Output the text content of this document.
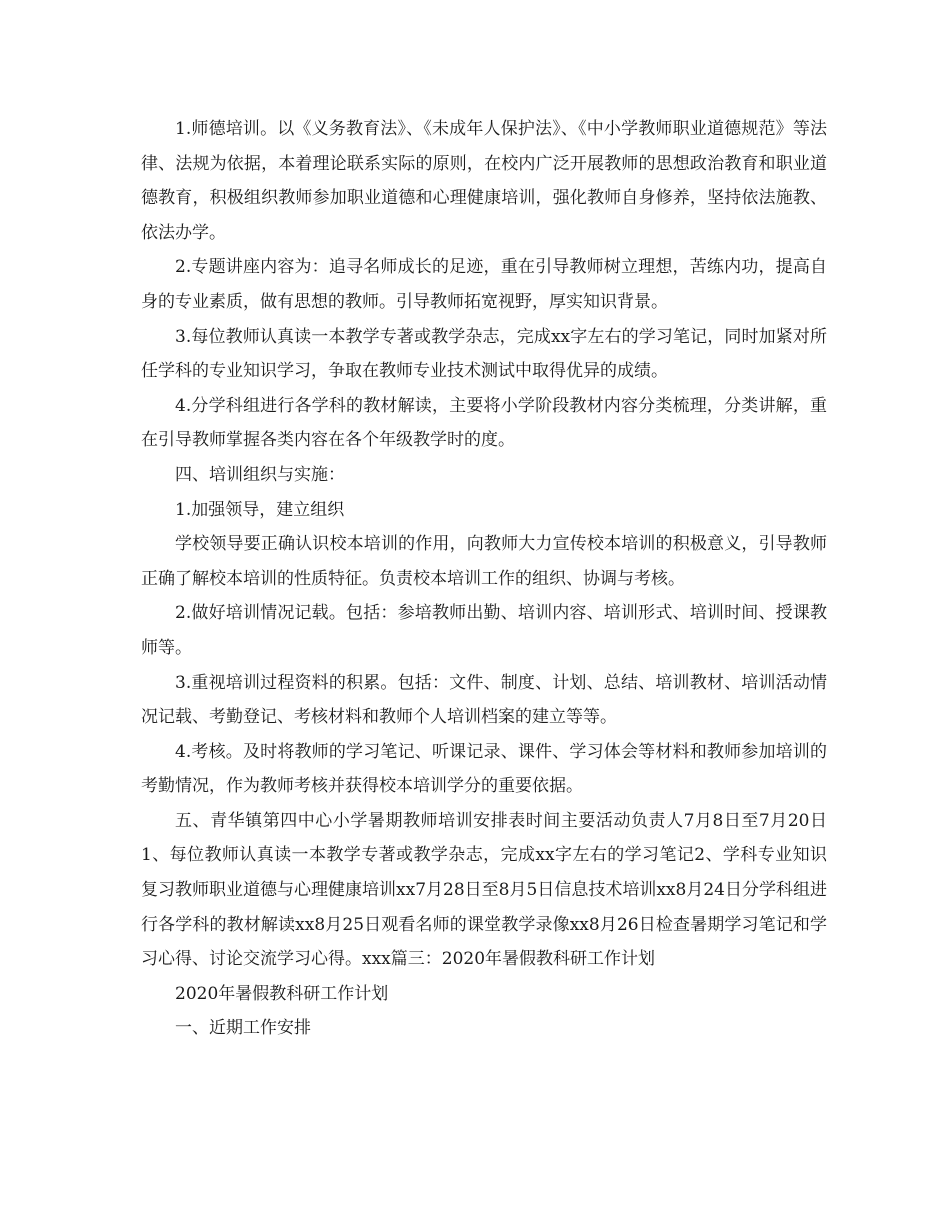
1.师德培训。以《义务教育法》、《未成年人保护法》、《中小学教师职业道德规范》等法律、法规为依据，本着理论联系实际的原则，在校内广泛开展教师的思想政治教育和职业道德教育，积极组织教师参加职业道德和心理健康培训，强化教师自身修养，坚持依法施教、依法办学。

2.专题讲座内容为：追寻名师成长的足迹，重在引导教师树立理想，苦练内功，提高自身的专业素质，做有思想的教师。引导教师拓宽视野，厚实知识背景。

3.每位教师认真读一本教学专著或教学杂志，完成xx字左右的学习笔记，同时加紧对所任学科的专业知识学习，争取在教师专业技术测试中取得优异的成绩。

4.分学科组进行各学科的教材解读，主要将小学阶段教材内容分类梳理，分类讲解，重在引导教师掌握各类内容在各个年级教学时的度。

四、培训组织与实施：

1.加强领导，建立组织

学校领导要正确认识校本培训的作用，向教师大力宣传校本培训的积极意义，引导教师正确了解校本培训的性质特征。负责校本培训工作的组织、协调与考核。

2.做好培训情况记载。包括：参培教师出勤、培训内容、培训形式、培训时间、授课教师等。

3.重视培训过程资料的积累。包括：文件、制度、计划、总结、培训教材、培训活动情况记载、考勤登记、考核材料和教师个人培训档案的建立等等。

4.考核。及时将教师的学习笔记、听课记录、课件、学习体会等材料和教师参加培训的考勤情况，作为教师考核并获得校本培训学分的重要依据。

五、青华镇第四中心小学暑期教师培训安排表时间主要活动负责人7月8日至7月20日1、每位教师认真读一本教学专著或教学杂志，完成xx字左右的学习笔记2、学科专业知识复习教师职业道德与心理健康培训xx7月28日至8月5日信息技术培训xx8月24日分学科组进行各学科的教材解读xx8月25日观看名师的课堂教学录像xx8月26日检查暑期学习笔记和学习心得、讨论交流学习心得。xxx篇三：2020年暑假教科研工作计划

2020年暑假教科研工作计划

一、近期工作安排
